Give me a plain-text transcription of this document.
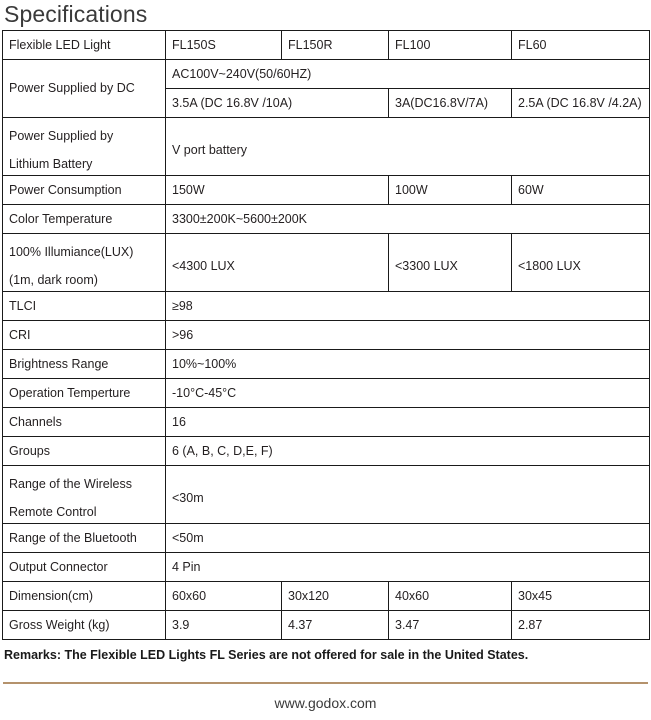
Specifications
Flexible LED Light	FL150S	FL150R	FL100	FL60
Power Supplied by DC	AC100V~240V(50/60HZ)			
	3.5A (DC 16.8V /10A)		3A(DC16.8V/7A)	2.5A (DC 16.8V /4.2A)

Power Supplied by
Lithium Battery	V port battery			

Power Consumption	150W		100W	60W
Color Temperature	3300±200K~5600±200K			

100% Illumiance(LUX)
(1m, dark room)	<4300 LUX		<3300 LUX	<1800 LUX

TLCI	≥98			
CRI	>96			
Brightness Range	10%~100%			
Operation Temperture	-10°C-45°C			
Channels	16			
Groups	6 (A, B, C, D,E, F)			

Range of the Wireless
Remote Control	<30m			

Range of the Bluetooth	<50m			
Output Connector	4 Pin			
Dimension(cm)	60x60	30x120	40x60	30x45
Gross Weight (kg)	3.9	4.37	3.47	2.87
Remarks: The Flexible LED Lights FL Series are not offered for sale in the United States.
www.godox.com
